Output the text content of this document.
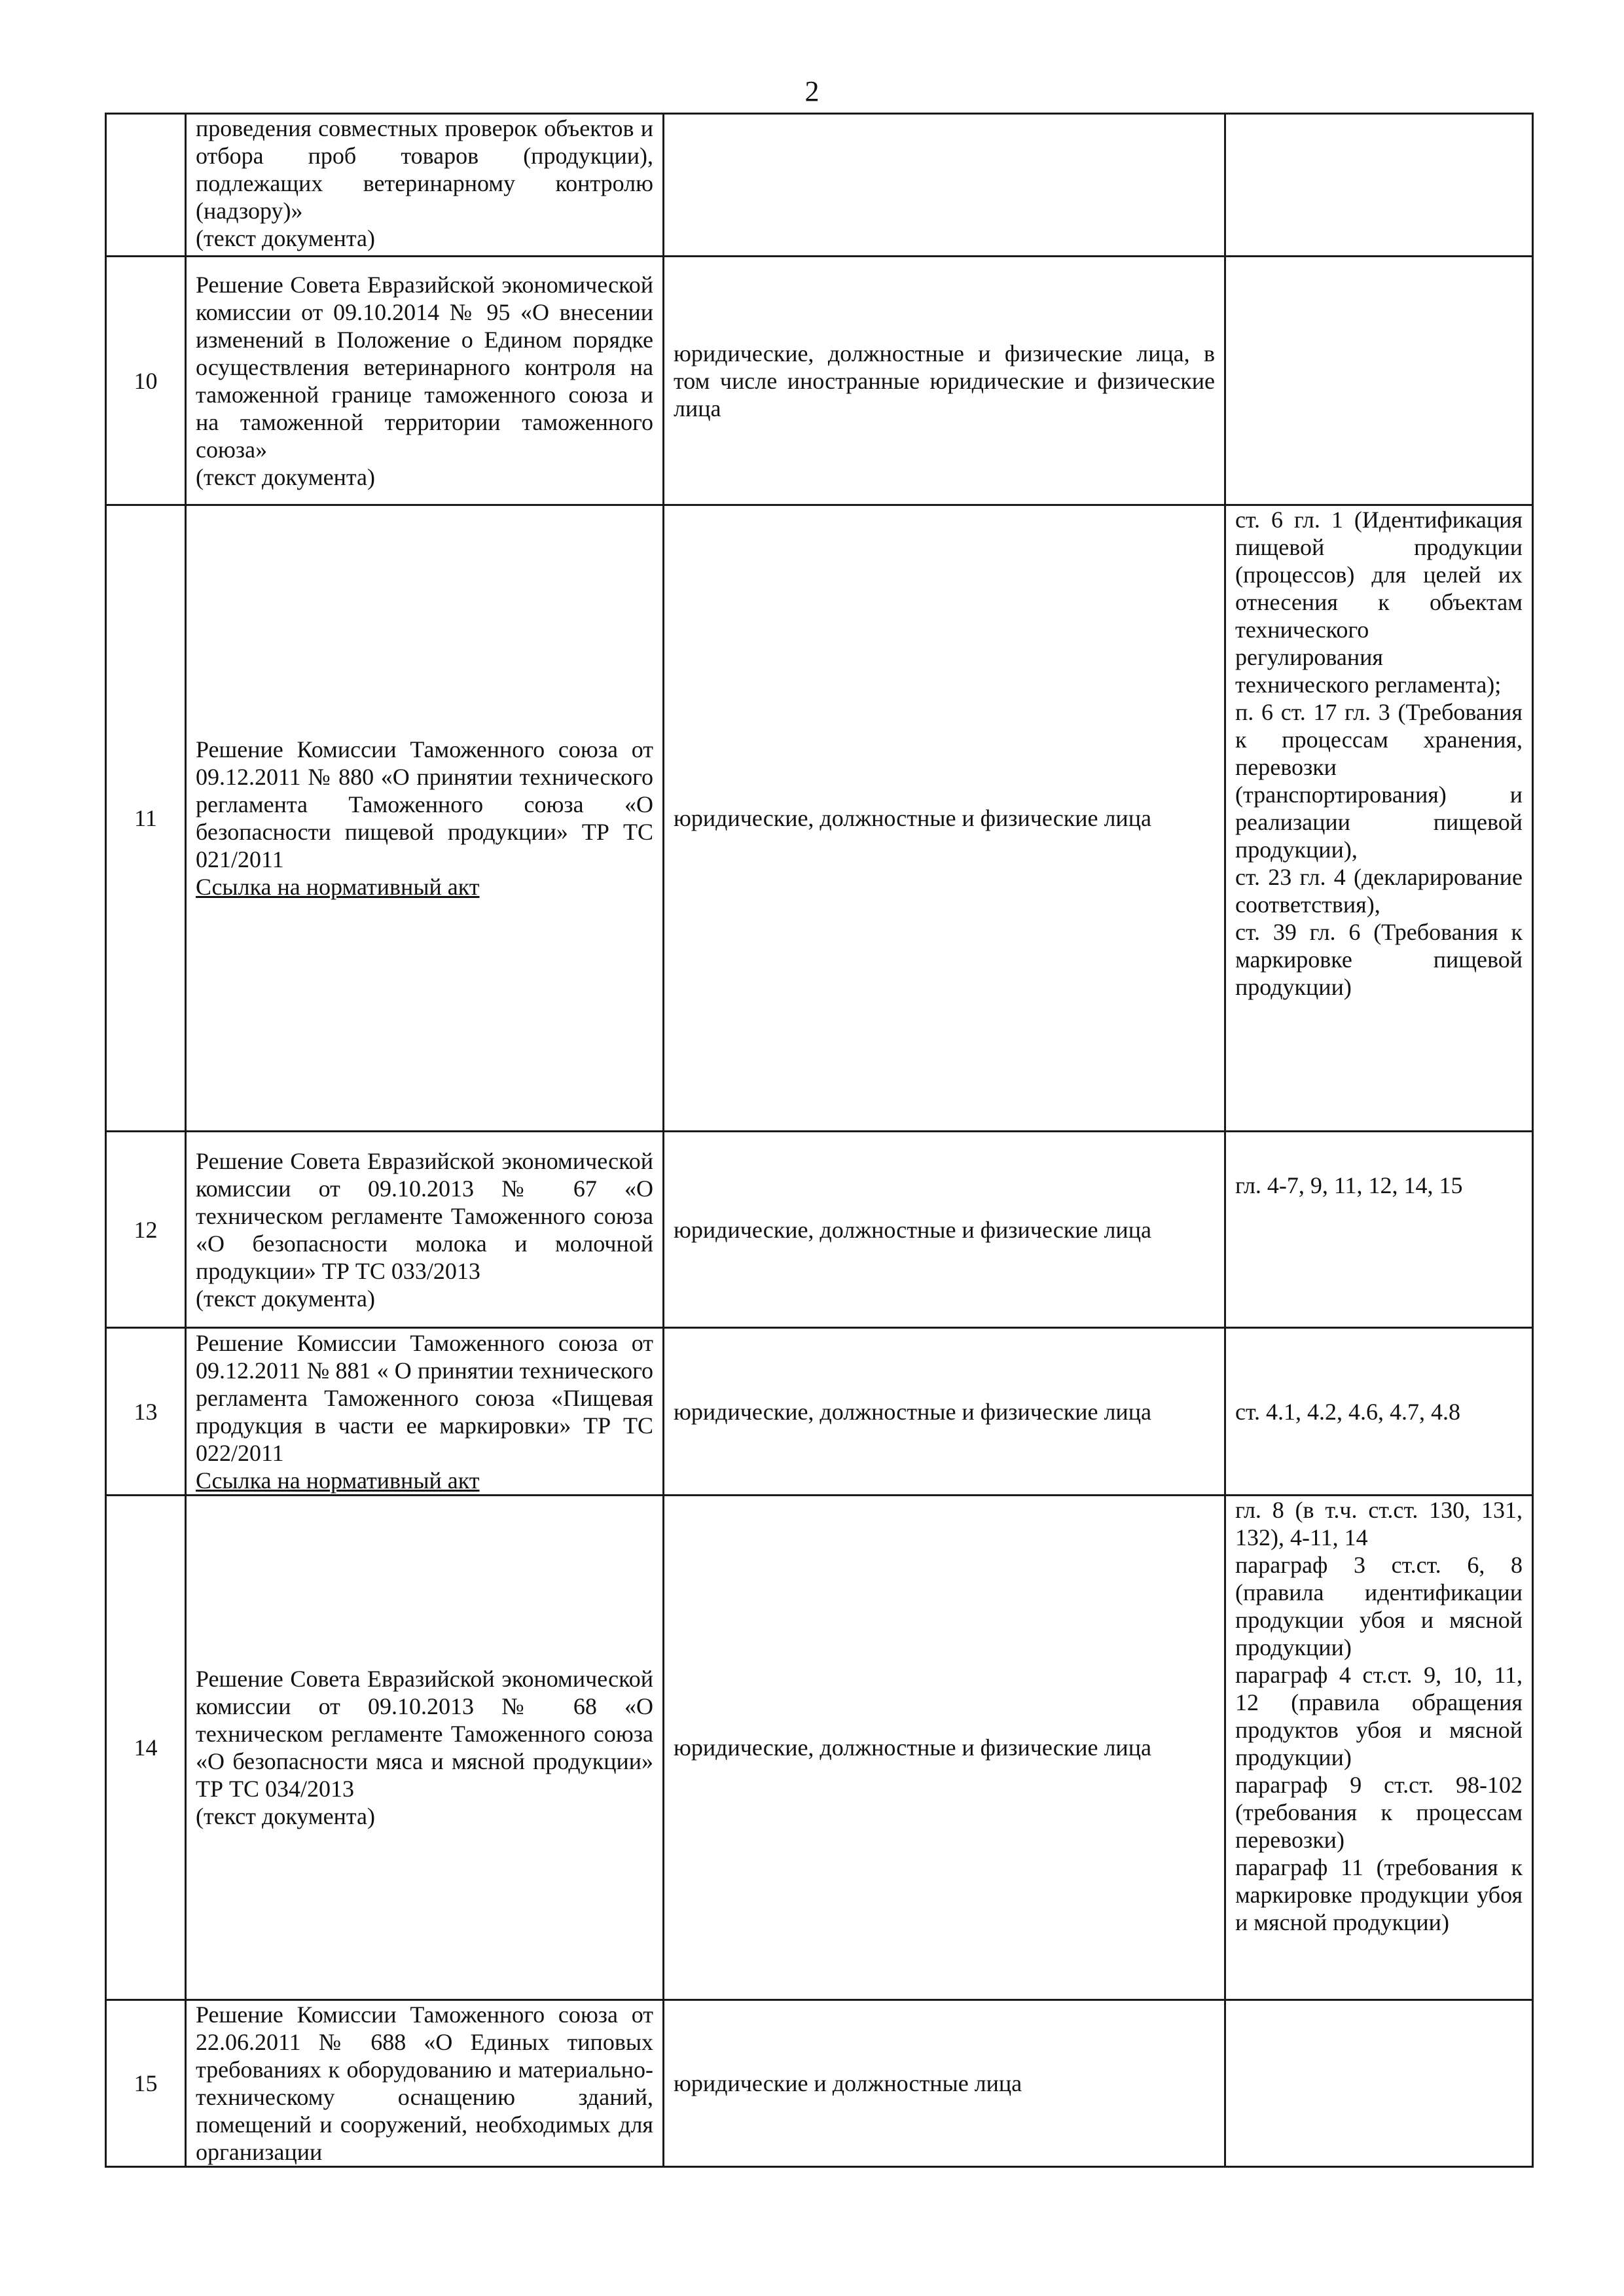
2

	проведения совместных проверок объектов и отбора проб товаров (продукции), подлежащих ветеринарному контролю (надзору)»
(текст документа)		

10	Решение Совета Евразийской экономической комиссии от 09.10.2014 № 95 «О внесении изменений в Положение о Едином порядке осуществления ветеринарного контроля на таможенной границе таможенного союза и на таможенной территории таможенного союза»
(текст документа)	юридические, должностные и физические лица, в том числе иностранные юридические и физические лица	
11	Решение Комиссии Таможенного союза от 09.12.2011 № 880 «О принятии технического регламента Таможенного союза «О безопасности пищевой продукции» ТР ТС 021/2011
Ссылка на нормативный акт	юридические, должностные и физические лица	ст. 6 гл. 1 (Идентификация пищевой продукции (процессов) для целей их отнесения к объектам технического регулирования технического регламента);
п. 6 ст. 17 гл. 3 (Требования к процессам хранения, перевозки (транспортирования) и реализации пищевой продукции),
ст. 23 гл. 4 (декларирование соответствия),
ст. 39 гл. 6 (Требования к маркировке пищевой продукции)

12	Решение Совета Евразийской экономической комиссии от 09.10.2013 № 67 «О техническом регламенте Таможенного союза «О безопасности молока и молочной продукции» ТР ТС 033/2013
(текст документа)	юридические, должностные и физические лица	гл. 4-7, 9, 11, 12, 14, 15

13	Решение Комиссии Таможенного союза от 09.12.2011 № 881 « О принятии технического регламента Таможенного союза «Пищевая продукция в части ее маркировки» ТР ТС 022/2011
Ссылка на нормативный акт	юридические, должностные и физические лица	ст. 4.1, 4.2, 4.6, 4.7, 4.8

14	Решение Совета Евразийской экономической комиссии от 09.10.2013 № 68 «О техническом регламенте Таможенного союза «О безопасности мяса и мясной продукции» ТР ТС 034/2013
(текст документа)	юридические, должностные и физические лица	гл. 8 (в т.ч. ст.ст. 130, 131, 132), 4-11, 14
параграф 3 ст.ст. 6, 8 (правила идентификации продукции убоя и мясной продукции)
параграф 4 ст.ст. 9, 10, 11, 12 (правила обращения продуктов убоя и мясной продукции)
параграф 9 ст.ст. 98-102 (требования к процессам перевозки)
параграф 11 (требования к маркировке продукции убоя и мясной продукции)

15	Решение Комиссии Таможенного союза от 22.06.2011 № 688 «О Единых типовых требованиях к оборудованию и материально-техническому оснащению зданий, помещений и сооружений, необходимых для организации	юридические и должностные лица	
